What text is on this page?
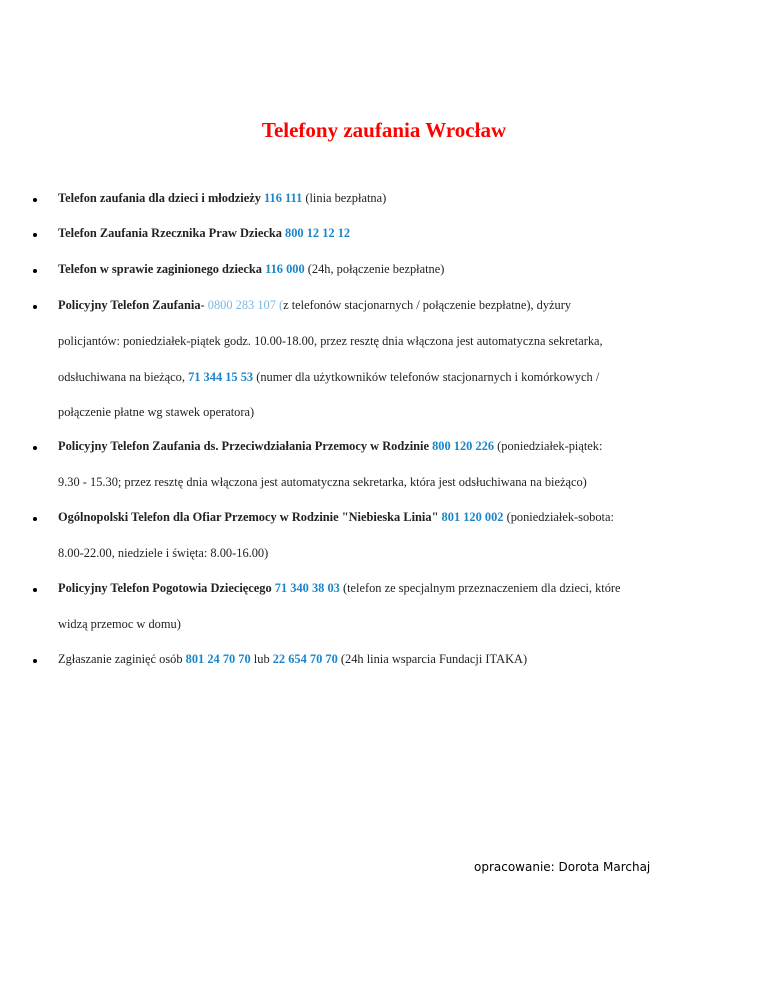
Telefony zaufania Wrocław
Telefon zaufania dla dzieci i młodzieży 116 111 (linia bezpłatna)
Telefon Zaufania Rzecznika Praw Dziecka 800 12 12 12
Telefon w sprawie zaginionego dziecka 116 000 (24h, połączenie bezpłatne)
Policyjny Telefon Zaufania- 0800 283 107 (z telefonów stacjonarnych / połączenie bezpłatne), dyżury
policjantów: poniedziałek-piątek godz. 10.00-18.00, przez resztę dnia włączona jest automatyczna sekretarka,
odsłuchiwana na bieżąco, 71 344 15 53 (numer dla użytkowników telefonów stacjonarnych i komórkowych /
połączenie płatne wg stawek operatora)
Policyjny Telefon Zaufania ds. Przeciwdziałania Przemocy w Rodzinie 800 120 226 (poniedziałek-piątek:
9.30 - 15.30; przez resztę dnia włączona jest automatyczna sekretarka, która jest odsłuchiwana na bieżąco)
Ogólnopolski Telefon dla Ofiar Przemocy w Rodzinie "Niebieska Linia" 801 120 002 (poniedziałek-sobota:
8.00-22.00, niedziele i święta: 8.00-16.00)
Policyjny Telefon Pogotowia Dziecięcego 71 340 38 03 (telefon ze specjalnym przeznaczeniem dla dzieci, które
widzą przemoc w domu)
Zgłaszanie zaginięć osób 801 24 70 70 lub 22 654 70 70 (24h linia wsparcia Fundacji ITAKA)
opracowanie: Dorota Marchaj
